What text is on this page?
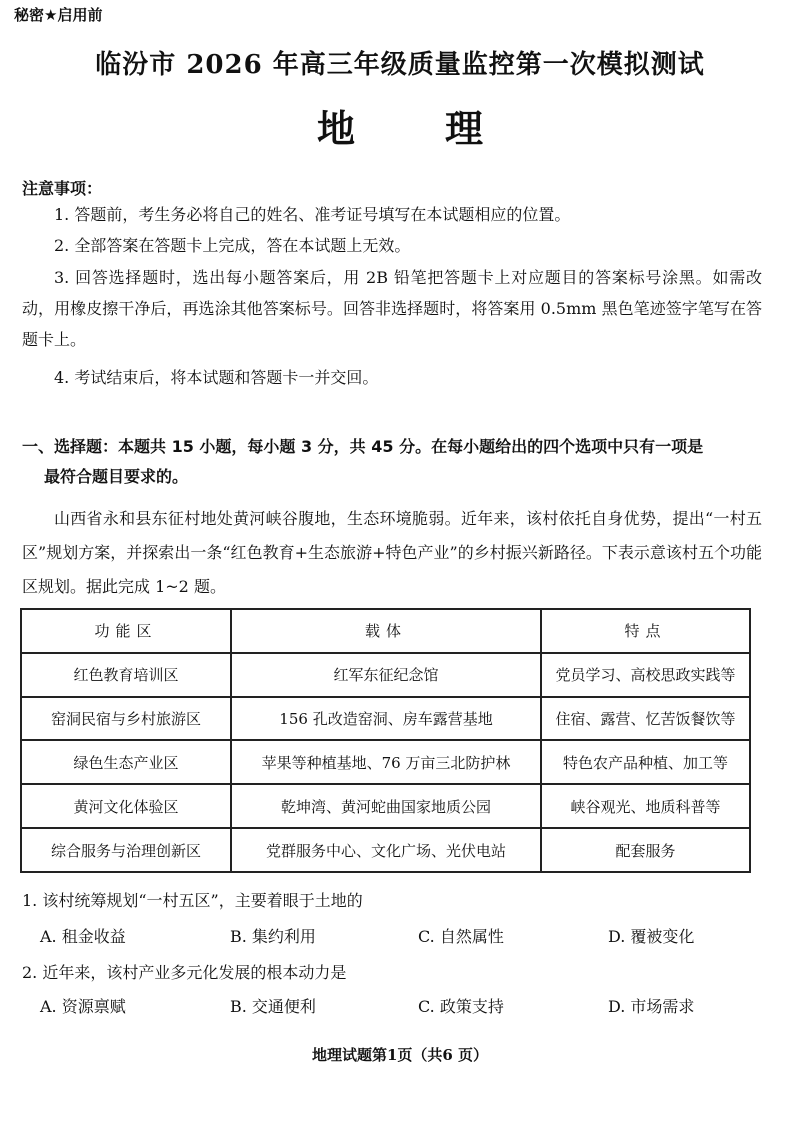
秘密★启用前
临汾市 2026 年高三年级质量监控第一次模拟测试
地 理
注意事项：
1. 答题前，考生务必将自己的姓名、准考证号填写在本试题相应的位置。
2. 全部答案在答题卡上完成，答在本试题上无效。
3. 回答选择题时，选出每小题答案后，用 2B 铅笔把答题卡上对应题目的答案标号涂黑。如需改动，用橡皮擦干净后，再选涂其他答案标号。回答非选择题时，将答案用 0.5mm 黑色笔迹签字笔写在答题卡上。
4. 考试结束后，将本试题和答题卡一并交回。
一、选择题：本题共 15 小题，每小题 3 分，共 45 分。在每小题给出的四个选项中只有一项是
最符合题目要求的。
山西省永和县东征村地处黄河峡谷腹地，生态环境脆弱。近年来，该村依托自身优势，提出“一村五区”规划方案，并探索出一条“红色教育+生态旅游+特色产业”的乡村振兴新路径。下表示意该村五个功能区规划。据此完成 1~2 题。
功能区	载体	特点
红色教育培训区	红军东征纪念馆	党员学习、高校思政实践等
窑洞民宿与乡村旅游区	156 孔改造窑洞、房车露营基地	住宿、露营、忆苦饭餐饮等
绿色生态产业区	苹果等种植基地、76 万亩三北防护林	特色农产品种植、加工等
黄河文化体验区	乾坤湾、黄河蛇曲国家地质公园	峡谷观光、地质科普等
综合服务与治理创新区	党群服务中心、文化广场、光伏电站	配套服务
1. 该村统筹规划“一村五区”，主要着眼于土地的
A. 租金收益	B. 集约利用	C. 自然属性	D. 覆被变化
2. 近年来，该村产业多元化发展的根本动力是
A. 资源禀赋	B. 交通便利	C. 政策支持	D. 市场需求
地理试题第1页（共6 页）
